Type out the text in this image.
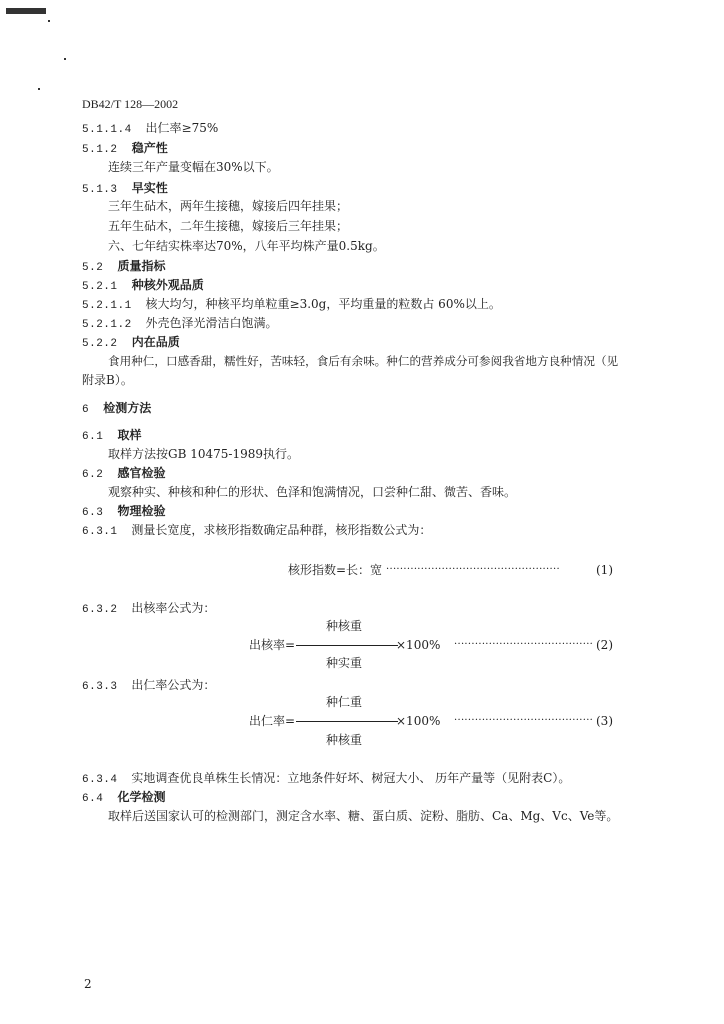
DB42/T 128—2002
5.1.1.4 出仁率≥75%
5.1.2 稳产性
连续三年产量变幅在30%以下。
5.1.3 早实性
三年生砧木，两年生接穗，嫁接后四年挂果；
五年生砧木，二年生接穗，嫁接后三年挂果；
六、七年结实株率达70%，八年平均株产量0.5kg。
5.2 质量指标
5.2.1 种核外观品质
5.2.1.1 核大均匀，种核平均单粒重≥3.0g，平均重量的粒数占 60%以上。
5.2.1.2 外壳色泽光滑洁白饱满。
5.2.2 内在品质
食用种仁，口感香甜，糯性好，苦味轻，食后有余味。种仁的营养成分可参阅我省地方良种情况（见
附录B）。
6 检测方法
6.1 取样
取样方法按GB 10475-1989执行。
6.2 感官检验
观察种实、种核和种仁的形状、色泽和饱满情况，口尝种仁甜、微苦、香味。
6.3 物理检验
6.3.1 测量长宽度，求核形指数确定品种群，核形指数公式为：
核形指数=长：宽 ··················································	(1)
6.3.2 出核率公式为：
种核重
出核率=	×100% ········································ (2)
种实重
6.3.3 出仁率公式为：
种仁重
出仁率=	×100% ········································ (3)
种核重
6.3.4 实地调查优良单株生长情况：立地条件好坏、树冠大小、 历年产量等（见附表C）。
6.4 化学检测
取样后送国家认可的检测部门，测定含水率、糖、蛋白质、淀粉、脂肪、Ca、Mg、Vc、Ve等。
2
